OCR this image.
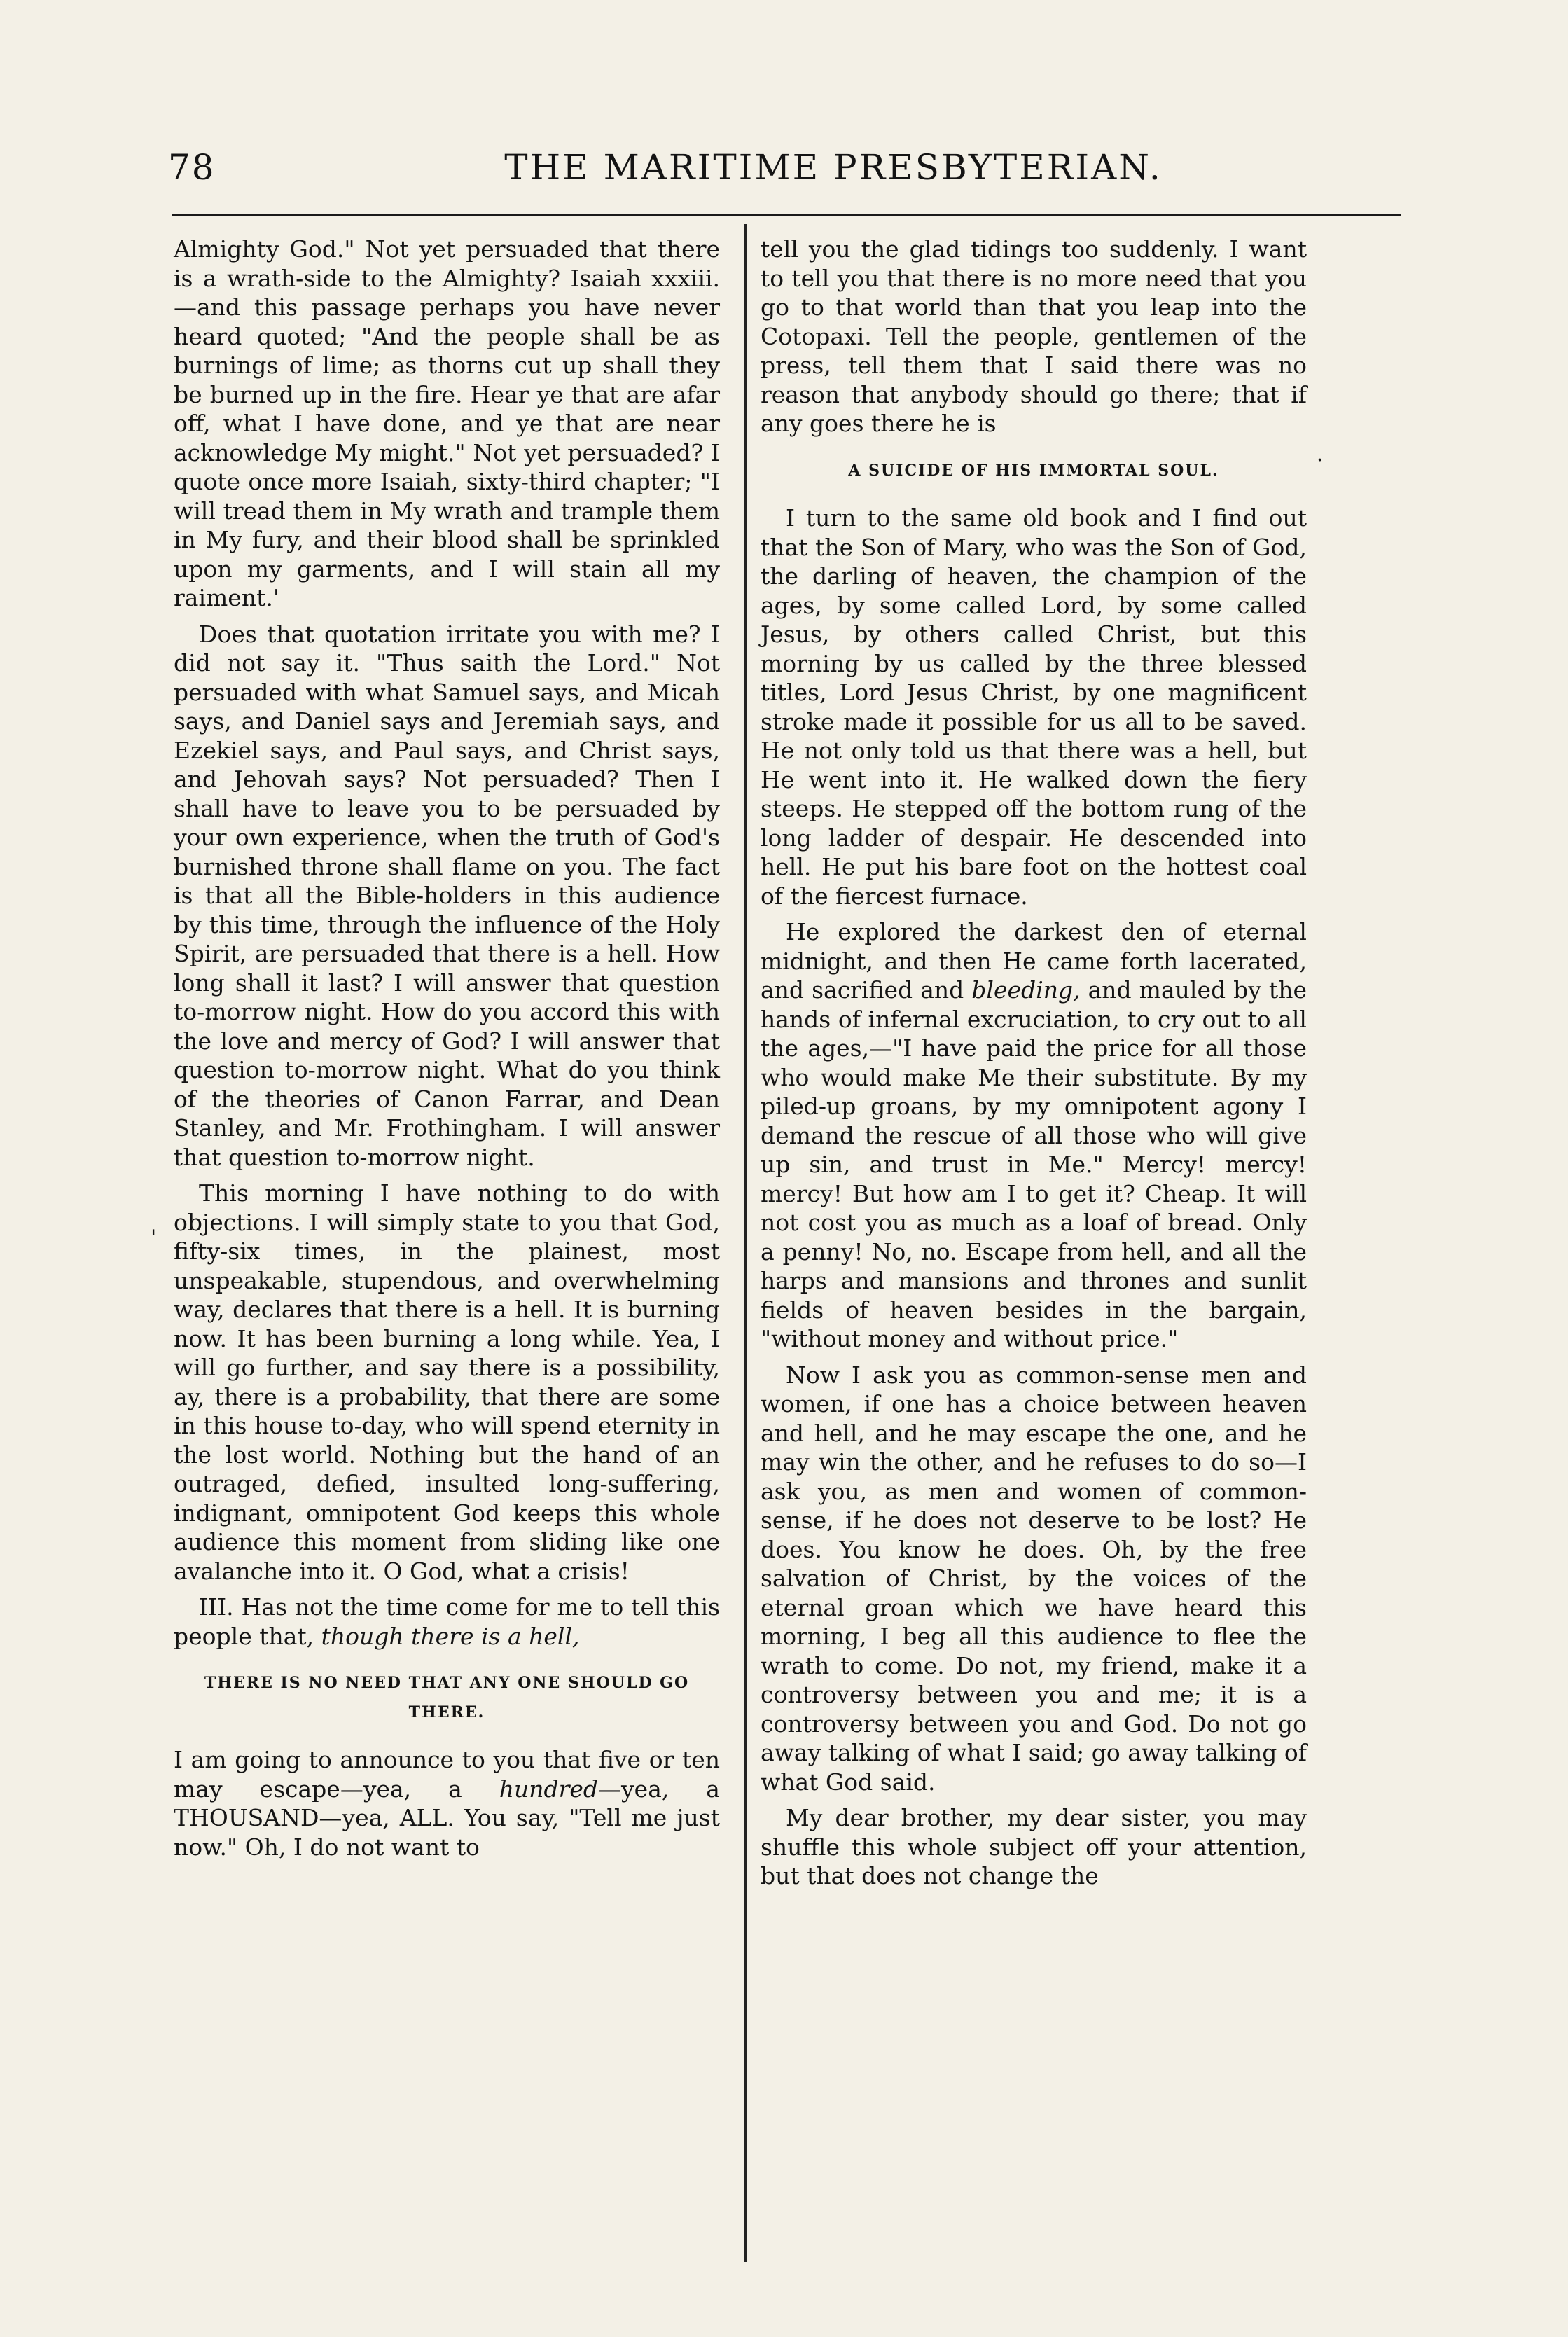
78	THE MARITIME PRESBYTERIAN.

Almighty God." Not yet persuaded that there is a wrath-side to the Almighty? Isaiah xxxiii.—and this passage perhaps you have never heard quoted; "And the people shall be as burnings of lime; as thorns cut up shall they be burned up in the fire. Hear ye that are afar off, what I have done, and ye that are near acknowledge My might." Not yet persuaded? I quote once more Isaiah, sixty-third chapter; "I will tread them in My wrath and trample them in My fury, and their blood shall be sprinkled upon my garments, and I will stain all my raiment.'

Does that quotation irritate you with me? I did not say it. "Thus saith the Lord." Not persuaded with what Samuel says, and Micah says, and Daniel says and Jeremiah says, and Ezekiel says, and Paul says, and Christ says, and Jehovah says? Not persuaded? Then I shall have to leave you to be persuaded by your own experience, when the truth of God's burnished throne shall flame on you. The fact is that all the Bible-holders in this audience by this time, through the influence of the Holy Spirit, are persuaded that there is a hell. How long shall it last? I will answer that question to-morrow night. How do you accord this with the love and mercy of God? I will answer that question to-morrow night. What do you think of the theories of Canon Farrar, and Dean Stanley, and Mr. Frothingham. I will answer that question to-morrow night.

This morning I have nothing to do with objections. I will simply state to you that God, fifty-six times, in the plainest, most unspeakable, stupendous, and overwhelming way, declares that there is a hell. It is burning now. It has been burning a long while. Yea, I will go further, and say there is a possibility, ay, there is a probability, that there are some in this house to-day, who will spend eternity in the lost world. Nothing but the hand of an outraged, defied, insulted long-suffering, indignant, omnipotent God keeps this whole audience this moment from sliding like one avalanche into it. O God, what a crisis!

III. Has not the time come for me to tell this people that, though there is a hell,

THERE IS NO NEED THAT ANY ONE SHOULD GO THERE.

I am going to announce to you that five or ten may escape—yea, a hundred—yea, a THOUSAND—yea, ALL. You say, "Tell me just now." Oh, I do not want to

tell you the glad tidings too suddenly. I want to tell you that there is no more need that you go to that world than that you leap into the Cotopaxi. Tell the people, gentlemen of the press, tell them that I said there was no reason that anybody should go there; that if any goes there he is

A SUICIDE OF HIS IMMORTAL SOUL.

I turn to the same old book and I find out that the Son of Mary, who was the Son of God, the darling of heaven, the champion of the ages, by some called Lord, by some called Jesus, by others called Christ, but this morning by us called by the three blessed titles, Lord Jesus Christ, by one magnificent stroke made it possible for us all to be saved. He not only told us that there was a hell, but He went into it. He walked down the fiery steeps. He stepped off the bottom rung of the long ladder of despair. He descended into hell. He put his bare foot on the hottest coal of the fiercest furnace.

He explored the darkest den of eternal midnight, and then He came forth lacerated, and sacrified and bleeding, and mauled by the hands of infernal excruciation, to cry out to all the ages,—"I have paid the price for all those who would make Me their substitute. By my piled-up groans, by my omnipotent agony I demand the rescue of all those who will give up sin, and trust in Me." Mercy! mercy! mercy! But how am I to get it? Cheap. It will not cost you as much as a loaf of bread. Only a penny! No, no. Escape from hell, and all the harps and mansions and thrones and sunlit fields of heaven besides in the bargain, "without money and without price."

Now I ask you as common-sense men and women, if one has a choice between heaven and hell, and he may escape the one, and he may win the other, and he refuses to do so—I ask you, as men and women of common-sense, if he does not deserve to be lost? He does. You know he does. Oh, by the free salvation of Christ, by the voices of the eternal groan which we have heard this morning, I beg all this audience to flee the wrath to come. Do not, my friend, make it a controversy between you and me; it is a controversy between you and God. Do not go away talking of what I said; go away talking of what God said.

My dear brother, my dear sister, you may shuffle this whole subject off your attention, but that does not change the

·
'
